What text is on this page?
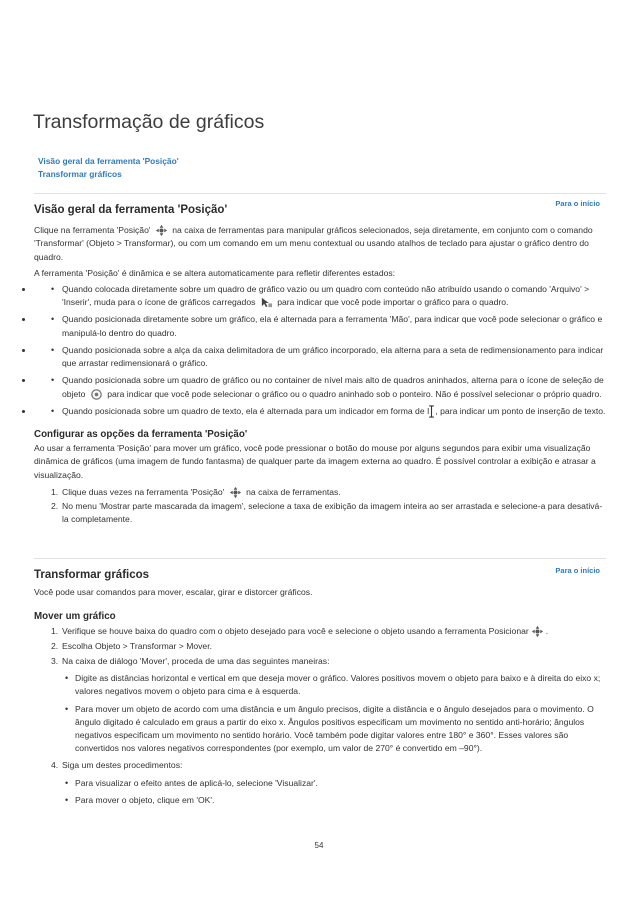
Transformação de gráficos
Visão geral da ferramenta 'Posição'
Transformar gráficos
Para o início
Visão geral da ferramenta 'Posição'

Clique na ferramenta 'Posição'	na caixa de ferramentas para manipular gráficos selecionados, seja diretamente, em conjunto com o comando 'Transformar' (Objeto > Transformar), ou com um comando em um menu contextual ou usando atalhos de teclado para ajustar o gráfico dentro do quadro.

A ferramenta 'Posição' é dinâmica e se altera automaticamente para refletir diferentes estados:

• • Quando colocada diretamente sobre um quadro de gráfico vazio ou um quadro com conteúdo não atribuído usando o comando 'Arquivo' > 'Inserir', muda para o ícone de gráficos carregados	para indicar que você pode importar o gráfico para o quadro.
• • Quando posicionada diretamente sobre um gráfico, ela é alternada para a ferramenta 'Mão', para indicar que você pode selecionar o gráfico e manipulá-lo dentro do quadro.
• • Quando posicionada sobre a alça da caixa delimitadora de um gráfico incorporado, ela alterna para a seta de redimensionamento para indicar que arrastar redimensionará o gráfico.
• • Quando posicionada sobre um quadro de gráfico ou no container de nível mais alto de quadros aninhados, alterna para o ícone de seleção de objeto	para indicar que você pode selecionar o gráfico ou o quadro aninhado sob o ponteiro. Não é possível selecionar o próprio quadro.
• • Quando posicionada sobre um quadro de texto, ela é alternada para um indicador em forma de I , para indicar um ponto de inserção de texto.
Configurar as opções da ferramenta 'Posição'

Ao usar a ferramenta 'Posição' para mover um gráfico, você pode pressionar o botão do mouse por alguns segundos para exibir uma visualização dinâmica de gráficos (uma imagem de fundo fantasma) de qualquer parte da imagem externa ao quadro. É possível controlar a exibição e atrasar a visualização.

1. Clique duas vezes na ferramenta 'Posição'	na caixa de ferramentas.
2. No menu 'Mostrar parte mascarada da imagem', selecione a taxa de exibição da imagem inteira ao ser arrastada e selecione-a para desativá-la completamente.
Para o início
Transformar gráficos

Você pode usar comandos para mover, escalar, girar e distorcer gráficos.

Mover um gráfico
1. Verifique se houve baixa do quadro com o objeto desejado para você e selecione o objeto usando a ferramenta Posicionar .
2. Escolha Objeto > Transformar > Mover.
3. Na caixa de diálogo 'Mover', proceda de uma das seguintes maneiras:
• Digite as distâncias horizontal e vertical em que deseja mover o gráfico. Valores positivos movem o objeto para baixo e à direita do eixo x; valores negativos movem o objeto para cima e à esquerda.
• Para mover um objeto de acordo com uma distância e um ângulo precisos, digite a distância e o ângulo desejados para o movimento. O ângulo digitado é calculado em graus a partir do eixo x. Ângulos positivos especificam um movimento no sentido anti-horário; ângulos negativos especificam um movimento no sentido horário. Você também pode digitar valores entre 180° e 360°. Esses valores são convertidos nos valores negativos correspondentes (por exemplo, um valor de 270° é convertido em –90°).
4. Siga um destes procedimentos:
• Para visualizar o efeito antes de aplicá-lo, selecione 'Visualizar'.
• Para mover o objeto, clique em 'OK'.
54
